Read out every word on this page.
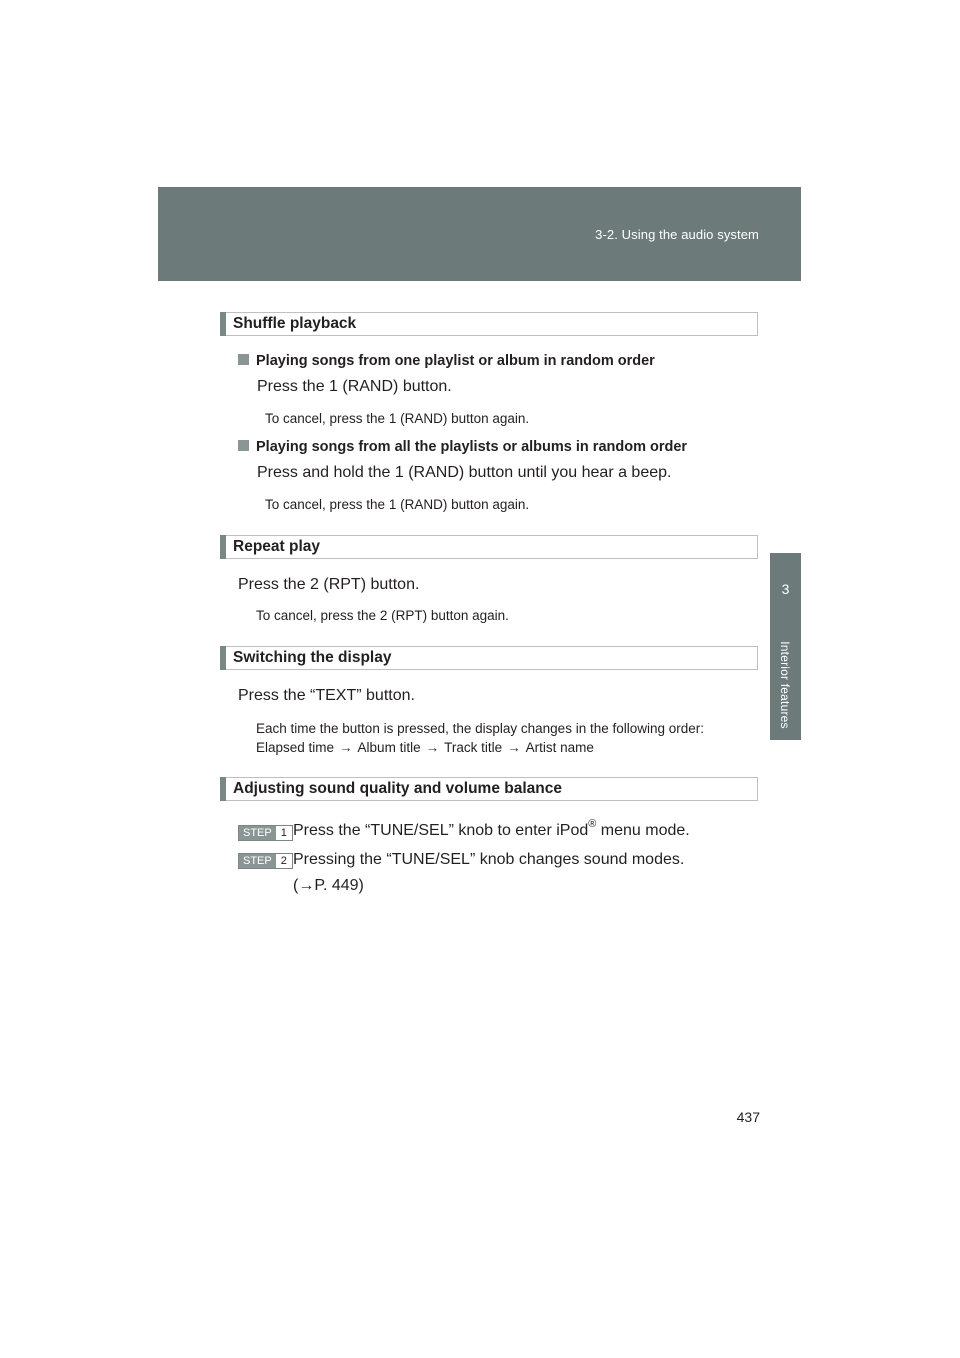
3-2. Using the audio system
3
Interior features
Shuffle playback
Playing songs from one playlist or album in random order
Press the 1 (RAND) button.
To cancel, press the 1 (RAND) button again.
Playing songs from all the playlists or albums in random order
Press and hold the 1 (RAND) button until you hear a beep.
To cancel, press the 1 (RAND) button again.
Repeat play
Press the 2 (RPT) button.
To cancel, press the 2 (RPT) button again.
Switching the display
Press the “TEXT” button.
Each time the button is pressed, the display changes in the following order:
Elapsed time → Album title → Track title → Artist name
Adjusting sound quality and volume balance
STEP 1 Press the “TUNE/SEL” knob to enter iPod® menu mode.
STEP 2 Pressing the “TUNE/SEL” knob changes sound modes.
(→P. 449)
437
